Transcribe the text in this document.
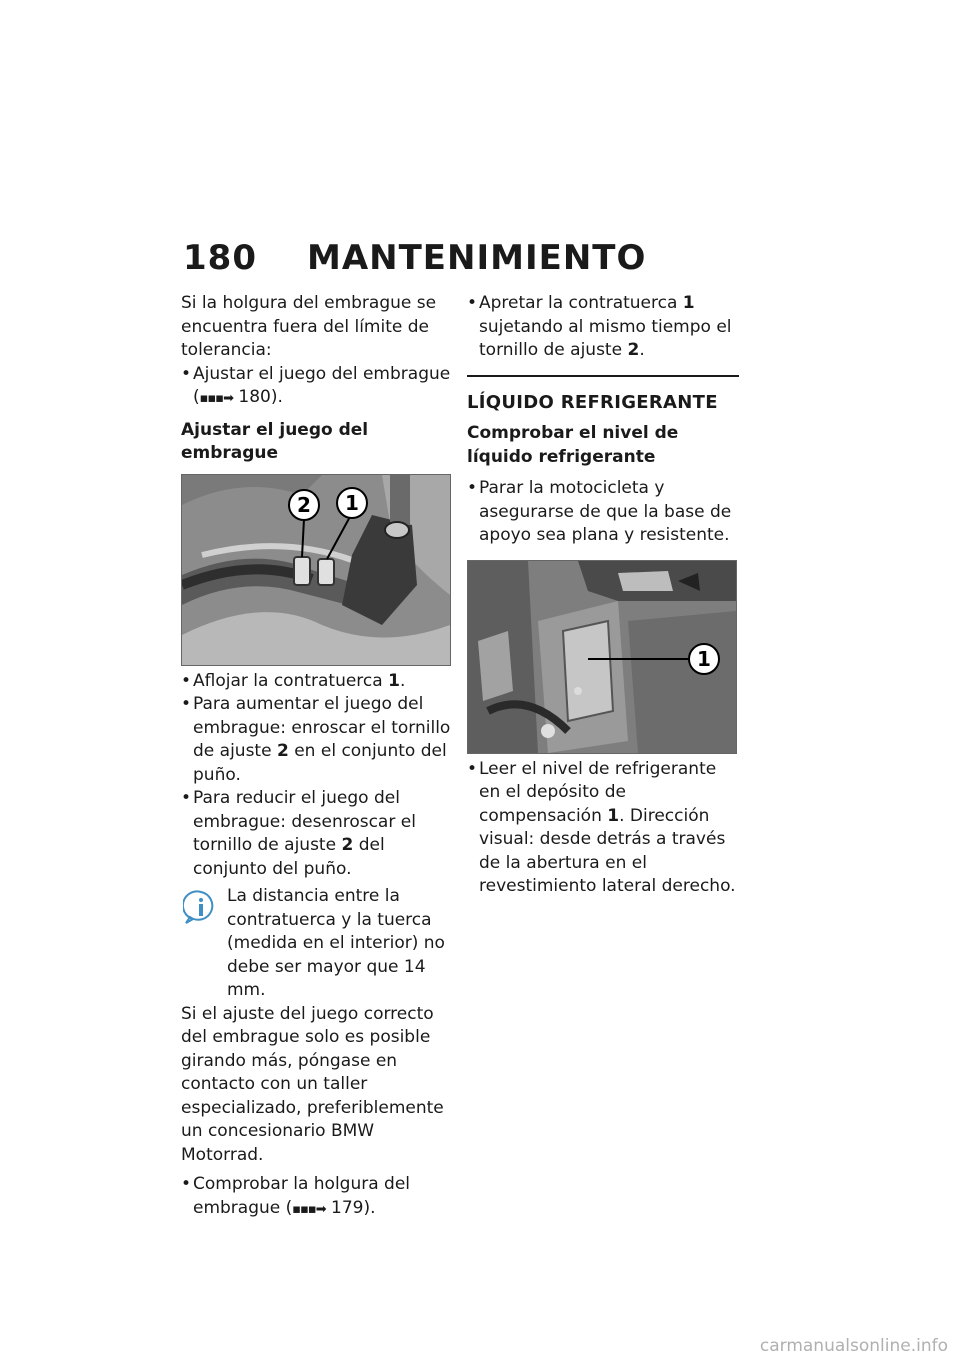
180 MANTENIMIENTO

Si la holgura del embrague se encuentra fuera del límite de tolerancia:

• Ajustar el juego del embrague
(▪▪▪➡ 180).

Ajustar el juego del embrague

2 1

• Aflojar la contratuerca 1.

• Para aumentar el juego del embrague: enroscar el tornillo de ajuste 2 en el conjunto del puño.

• Para reducir el juego del embrague: desenroscar el tornillo de ajuste 2 del conjunto del puño.

La distancia entre la contratuerca y la tuerca (medida en el interior) no debe ser mayor que 14 mm.

Si el ajuste del juego correcto del embrague solo es posible girando más, póngase en contacto con un taller especializado, preferiblemente un concesionario BMW Motorrad.

• Comprobar la holgura del embrague (▪▪▪➡ 179).

• Apretar la contratuerca 1 sujetando al mismo tiempo el tornillo de ajuste 2.

LÍQUIDO REFRIGERANTE

Comprobar el nivel de líquido refrigerante

• Parar la motocicleta y asegurarse de que la base de apoyo sea plana y resistente.

1

• Leer el nivel de refrigerante en el depósito de compensación 1. Dirección visual: desde detrás a través de la abertura en el revestimiento lateral derecho.

carmanualsonline.info
